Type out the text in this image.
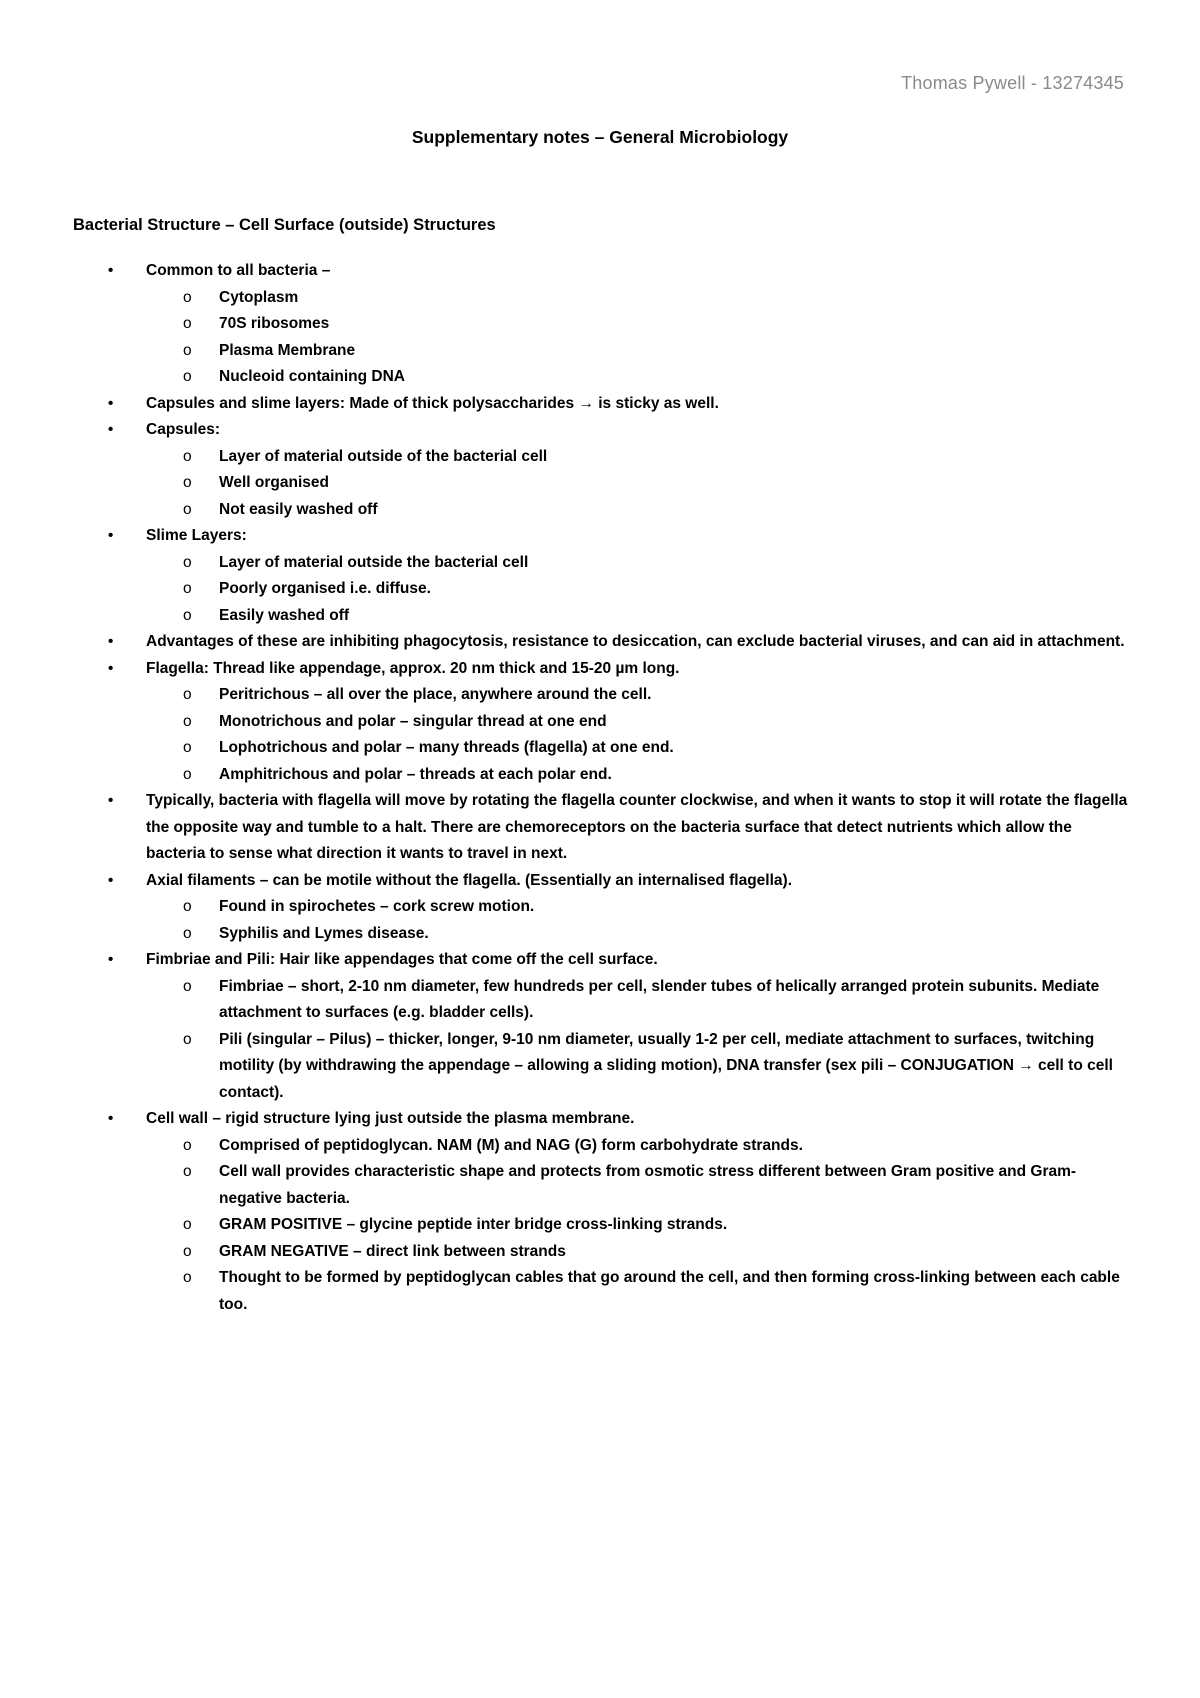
Thomas Pywell - 13274345
Supplementary notes – General Microbiology
Bacterial Structure – Cell Surface (outside) Structures
• Common to all bacteria –
o Cytoplasm
o 70S ribosomes
o Plasma Membrane
o Nucleoid containing DNA
• Capsules and slime layers: Made of thick polysaccharides → is sticky as well.
• Capsules:
o Layer of material outside of the bacterial cell
o Well organised
o Not easily washed off
• Slime Layers:
o Layer of material outside the bacterial cell
o Poorly organised i.e. diffuse.
o Easily washed off
• Advantages of these are inhibiting phagocytosis, resistance to desiccation, can exclude bacterial viruses, and can aid in attachment.
• Flagella: Thread like appendage, approx. 20 nm thick and 15-20 µm long.
o Peritrichous – all over the place, anywhere around the cell.
o Monotrichous and polar – singular thread at one end
o Lophotrichous and polar – many threads (flagella) at one end.
o Amphitrichous and polar – threads at each polar end.
• Typically, bacteria with flagella will move by rotating the flagella counter clockwise, and when it wants to stop it will rotate the flagella the opposite way and tumble to a halt. There are chemoreceptors on the bacteria surface that detect nutrients which allow the bacteria to sense what direction it wants to travel in next.
• Axial filaments – can be motile without the flagella. (Essentially an internalised flagella).
o Found in spirochetes – cork screw motion.
o Syphilis and Lymes disease.
• Fimbriae and Pili: Hair like appendages that come off the cell surface.
o Fimbriae – short, 2-10 nm diameter, few hundreds per cell, slender tubes of helically arranged protein subunits. Mediate attachment to surfaces (e.g. bladder cells).
o Pili (singular – Pilus) – thicker, longer, 9-10 nm diameter, usually 1-2 per cell, mediate attachment to surfaces, twitching motility (by withdrawing the appendage – allowing a sliding motion), DNA transfer (sex pili – CONJUGATION → cell to cell contact).
• Cell wall – rigid structure lying just outside the plasma membrane.
o Comprised of peptidoglycan. NAM (M) and NAG (G) form carbohydrate strands.
o Cell wall provides characteristic shape and protects from osmotic stress different between Gram positive and Gram-negative bacteria.
o GRAM POSITIVE – glycine peptide inter bridge cross-linking strands.
o GRAM NEGATIVE – direct link between strands
o Thought to be formed by peptidoglycan cables that go around the cell, and then forming cross-linking between each cable too.
